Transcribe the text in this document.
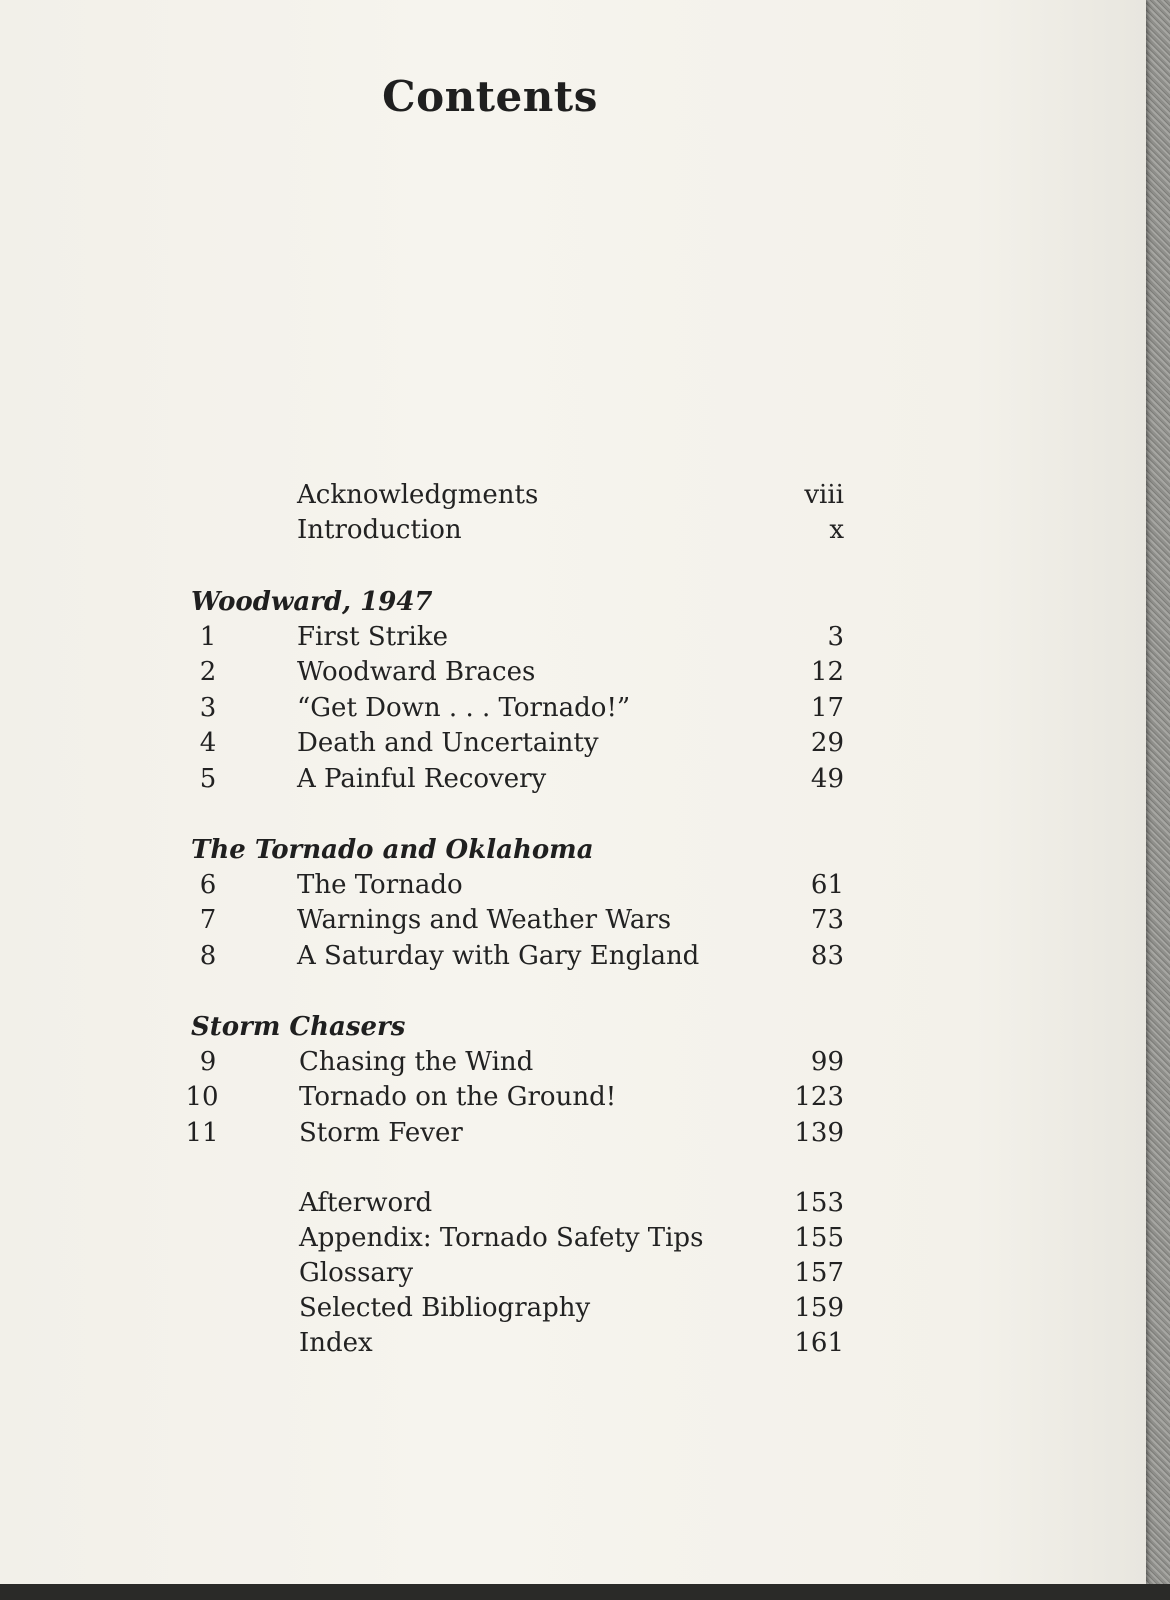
Contents
Acknowledgments	viii
Introduction	x
Woodward, 1947
1	First Strike	3
2	Woodward Braces	12
3	“Get Down . . . Tornado!”	17
4	Death and Uncertainty	29
5	A Painful Recovery	49
The Tornado and Oklahoma
6	The Tornado	61
7	Warnings and Weather Wars	73
8	A Saturday with Gary England	83
Storm Chasers
9	Chasing the Wind	99
10	Tornado on the Ground!	123
11	Storm Fever	139
Afterword	153
Appendix: Tornado Safety Tips	155
Glossary	157
Selected Bibliography	159
Index	161
